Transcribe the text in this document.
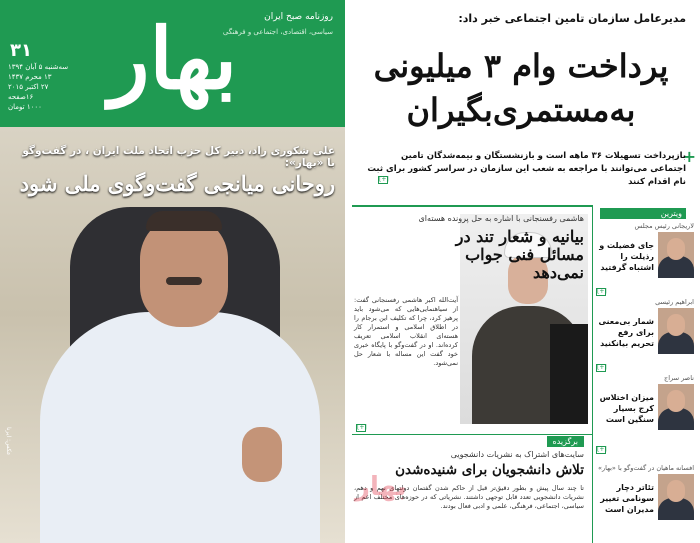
بهار	روزنامه صبح ایران
سیاسی، اقتصادی، اجتماعی و فرهنگی
۳۱
سه‌شنبه ۵ آبان ۱۳۹۴
۱۳ محرم ۱۴۳۷
۲۷ اکتبر ۲۰۱۵
۱۶صفحه
۱۰۰۰ تومان
علی شکوری راد، دبیر کل حزب اتحاد ملت ایران ، در گفت‌وگو با «بهار»:
روحانی میانجی گفت‌وگوی ملی شود
عکس: ایرنا
مدیرعامل سازمان تامین اجتماعی خبر داد:
پرداخت وام ۳ میلیونی
به‌مستمری‌بگیران
+
بازپرداخت تسهیلات ۳۶ ماهه است و بازنشستگان و بیمه‌شدگان تامین اجتماعی می‌توانند با مراجعه به شعب این سازمان در سراسر کشور برای ثبت نام اقدام کنند
[+]
هاشمی رفسنجانی با اشاره به حل پرونده هسته‌ای
بیانیه و شعار تند در مسائل فنی جواب نمی‌دهد
آیت‌الله اکبر هاشمی رفسنجانی گفت: از سیاهنمایی‌هایی که می‌شود باید پرهیز کرد، چرا که تکلیف این برجام را در اطلاق اسلامی و استمرار کار هسته‌ای انقلاب اسلامی تعریف کرده‌اند. او در گفت‌وگو با پایگاه خبری خود گفت این مساله با شعار حل نمی‌شود.
[+]
برگزیده
سایت‌های اشتراک به نشریات دانشجویی
تلاش دانشجویان برای شنیده‌شدن
تا چند سال پیش و بطور دقیق‌تر قبل از حاکم شدن گفتمان دولتهای نهم و دهم، نشریات دانشجویی تعدد قابل توجهی داشتند. نشریاتی که در حوزه‌های مختلف اعم از سیاسی، اجتماعی، فرهنگی، علمی و ادبی فعال بودند.
ویترین
لاریجانی رئیس مجلس
جای فضیلت و رذیلت را اشتباه گرفتید
[+]
ابراهیم رئیسی
شمار بی‌معنی برای رفع تحریم بیانکنید
[+]
ناصر سراج
میزان اختلاس کرج بسیار سنگین است
[+]
افسانه ماهیان در گفت‌وگو با «بهار»
تئاتر دچار سونامی تغییر مدیران است
بهار
